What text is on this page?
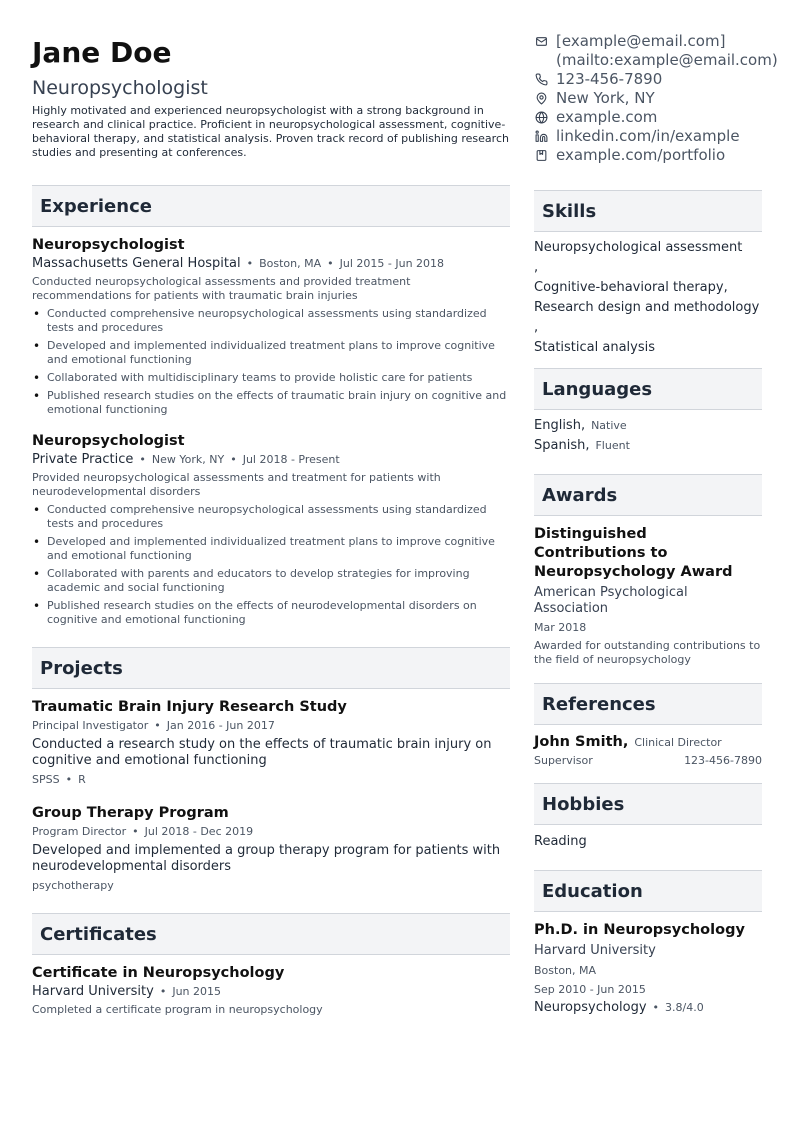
Jane Doe
Neuropsychologist
Highly motivated and experienced neuropsychologist with a strong background in research and clinical practice. Proficient in neuropsychological assessment, cognitive-behavioral therapy, and statistical analysis. Proven track record of publishing research studies and presenting at conferences.
Experience
Neuropsychologist
Massachusetts General Hospital • Boston, MA • Jul 2015 - Jun 2018
Conducted neuropsychological assessments and provided treatment recommendations for patients with traumatic brain injuries
• Conducted comprehensive neuropsychological assessments using standardized tests and procedures
• Developed and implemented individualized treatment plans to improve cognitive and emotional functioning
• Collaborated with multidisciplinary teams to provide holistic care for patients
• Published research studies on the effects of traumatic brain injury on cognitive and emotional functioning
Neuropsychologist
Private Practice • New York, NY • Jul 2018 - Present
Provided neuropsychological assessments and treatment for patients with neurodevelopmental disorders
• Conducted comprehensive neuropsychological assessments using standardized tests and procedures
• Developed and implemented individualized treatment plans to improve cognitive and emotional functioning
• Collaborated with parents and educators to develop strategies for improving academic and social functioning
• Published research studies on the effects of neurodevelopmental disorders on cognitive and emotional functioning
Projects
Traumatic Brain Injury Research Study
Principal Investigator • Jan 2016 - Jun 2017
Conducted a research study on the effects of traumatic brain injury on cognitive and emotional functioning
SPSS • R
Group Therapy Program
Program Director • Jul 2018 - Dec 2019
Developed and implemented a group therapy program for patients with neurodevelopmental disorders
psychotherapy
Certificates
Certificate in Neuropsychology
Harvard University • Jun 2015
Completed a certificate program in neuropsychology
[example@email.com](mailto:example@email.com)
123-456-7890
New York, NY
example.com
linkedin.com/in/example
example.com/portfolio
Skills
Neuropsychological assessment
,
Cognitive-behavioral therapy,
Research design and methodology
,
Statistical analysis
Languages
English, Native
Spanish, Fluent
Awards
Distinguished Contributions to Neuropsychology Award
American Psychological Association
Mar 2018
Awarded for outstanding contributions to the field of neuropsychology
References
John Smith, Clinical Director
Supervisor	123-456-7890
Hobbies
Reading
Education
Ph.D. in Neuropsychology
Harvard University
Boston, MA
Sep 2010 - Jun 2015
Neuropsychology • 3.8/4.0
